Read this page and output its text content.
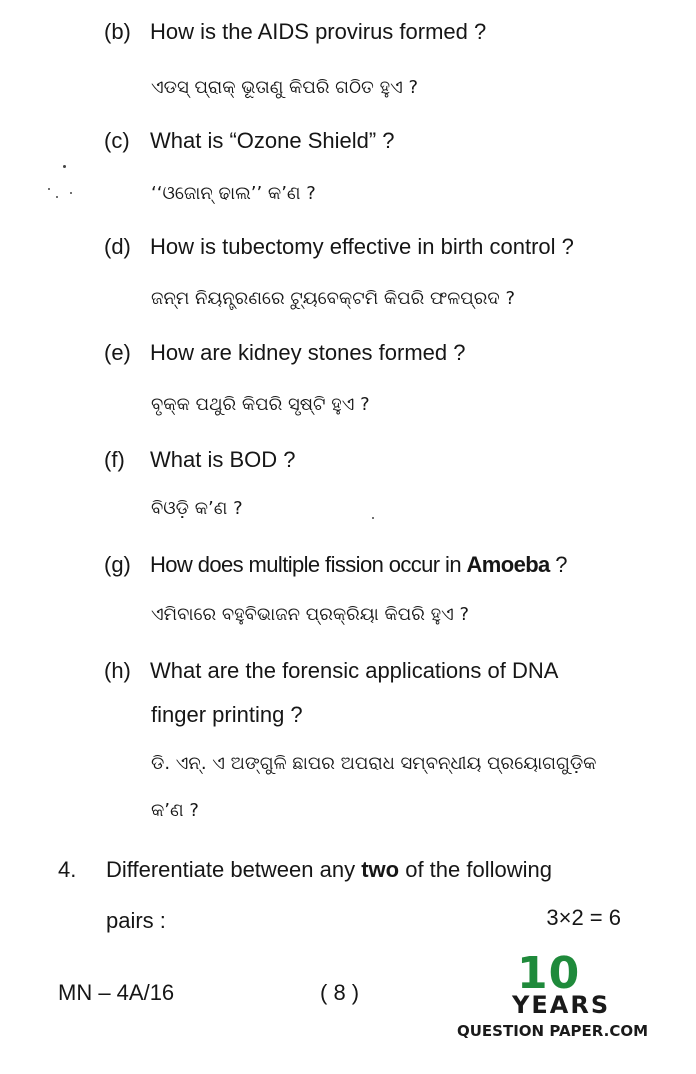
(b) How is the AIDS provirus formed ?
ଏଡସ୍ ପ୍ରାକ୍ ଭୂତାଣୁ କିପରି ଗଠିତ ହୁଏ ?
(c) What is “Ozone Shield” ?
‘‘ଓଜୋନ୍ ଢାଲ’’ କ’ଣ ?
(d) How is tubectomy effective in birth control ?
ଜନ୍ମ ନିୟନ୍ତ୍ରଣରେ ଟ୍ୟୁବେକ୍ଟମି କିପରି ଫଳପ୍ରଦ ?
(e) How are kidney stones formed ?
ବୃକ୍କ ପଥୁରି କିପରି ସୃଷ୍ଟି ହୁଏ ?
(f) What is BOD ?
ବିଓଡ଼ି କ’ଣ ?
(g) How does multiple fission occur in Amoeba ?
ଏମିବାରେ ବହୁବିଭାଜନ ପ୍ରକ୍ରିୟା କିପରି ହୁଏ ?
(h) What are the forensic applications of DNA
finger printing ?
ଡି. ଏନ୍. ଏ ଅଙ୍ଗୁଳି ଛାପର ଅପରାଧ ସମ୍ବନ୍ଧୀୟ ପ୍ରୟୋଗଗୁଡ଼ିକ
କ’ଣ ?
4. Differentiate between any two of the following
pairs :	3×2 = 6
MN – 4A/16	( 8 )	10
YEARS
QUESTION PAPER.COM
